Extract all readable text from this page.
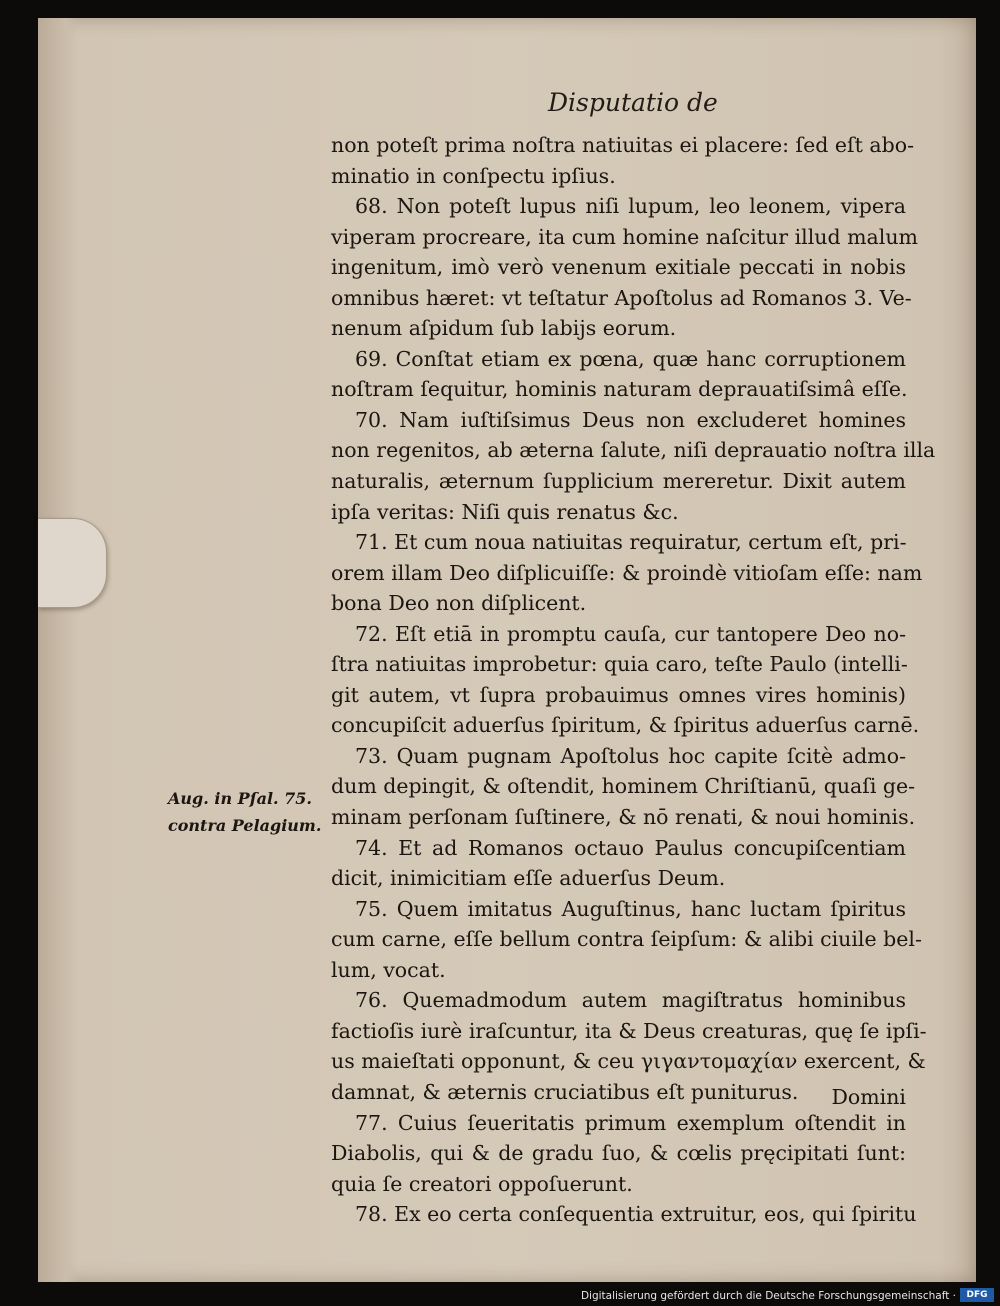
Disputatio de
non poteſt prima noſtra natiuitas ei placere: ſed eſt abo-
minatio in conſpectu ipſius.
68. Non poteſt lupus niſi lupum, leo leonem, vipera
viperam procreare, ita cum homine naſcitur illud malum
ingenitum, imò verò venenum exitiale peccati in nobis
omnibus hæret: vt teſtatur Apoſtolus ad Romanos 3. Ve-
nenum aſpidum ſub labijs eorum.
69. Conſtat etiam ex pœna, quæ hanc corruptionem
noſtram ſequitur, hominis naturam deprauatiſsimâ eſſe.
70. Nam iuſtiſsimus Deus non excluderet homines
non regenitos, ab æterna ſalute, niſi deprauatio noſtra illa
naturalis, æternum ſupplicium mereretur. Dixit autem
ipſa veritas: Niſi quis renatus &c.
71. Et cum noua natiuitas requiratur, certum eſt, pri-
orem illam Deo diſplicuiſſe: & proindè vitioſam eſſe: nam
bona Deo non diſplicent.
72. Eſt etiā in promptu cauſa, cur tantopere Deo no-
ſtra natiuitas improbetur: quia caro, teſte Paulo (intelli-
git autem, vt ſupra probauimus omnes vires hominis)
concupiſcit aduerſus ſpiritum, & ſpiritus aduerſus carnē.
73. Quam pugnam Apoſtolus hoc capite ſcitè admo-
dum depingit, & oſtendit, hominem Chriſtianū, quaſi ge-
minam perſonam ſuſtinere, & nō renati, & noui hominis.
74. Et ad Romanos octauo Paulus concupiſcentiam
dicit, inimicitiam eſſe aduerſus Deum.
75. Quem imitatus Auguſtinus, hanc luctam ſpiritus
cum carne, eſſe bellum contra ſeipſum: & alibi ciuile bel-
lum, vocat.
76. Quemadmodum autem magiſtratus hominibus
factioſis iurè iraſcuntur, ita & Deus creaturas, quę ſe ipſi-
us maieſtati opponunt, & ceu γιγαντομαχίαν exercent, &
damnat, & æternis cruciatibus eſt puniturus.
77. Cuius ſeueritatis primum exemplum oſtendit in
Diabolis, qui & de gradu ſuo, & cœlis pręcipitati ſunt:
quia ſe creatori oppoſuerunt.
78. Ex eo certa conſequentia extruitur, eos, qui ſpiritu
Domini
Aug. in Pſal. 75.
contra Pelagium.
Digitalisierung gefördert durch die Deutsche Forschungsgemeinschaft ·	DFG
